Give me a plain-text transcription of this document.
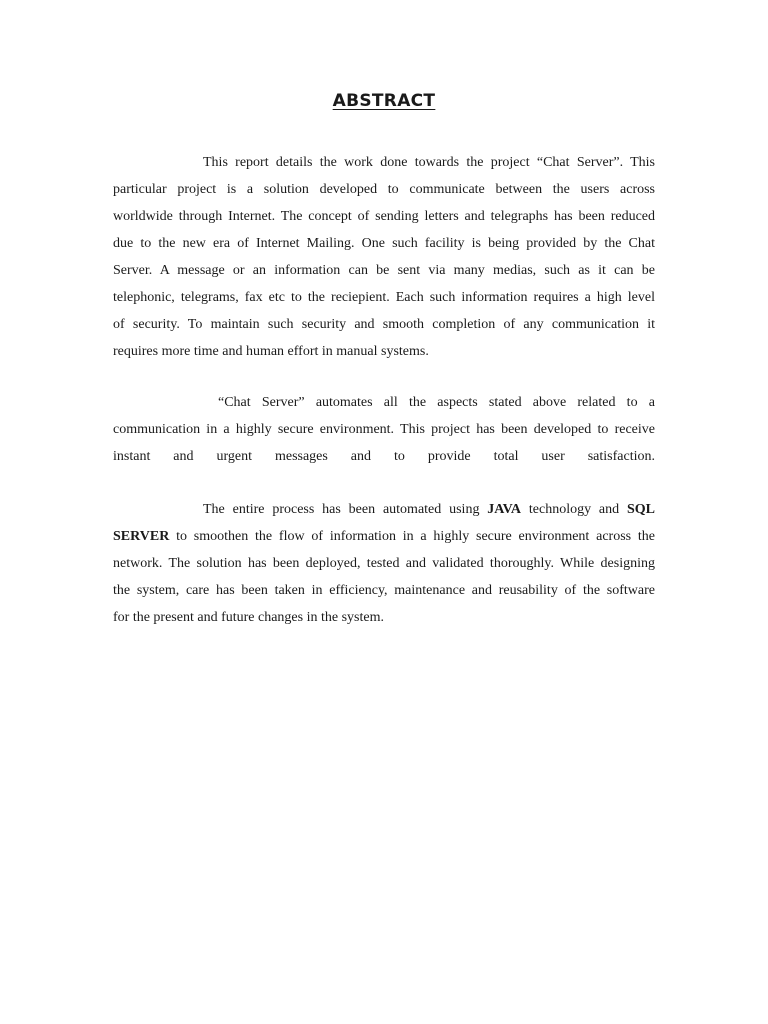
ABSTRACT
This report details the work done towards the project “Chat Server”. This
particular project is a solution developed to communicate between the users across
worldwide through Internet. The concept of sending letters and telegraphs has been reduced
due to the new era of Internet Mailing. One such facility is being provided by the Chat
Server. A message or an information can be sent via many medias, such as it can be
telephonic, telegrams, fax etc to the reciepient. Each such information requires a high level
of security. To maintain such security and smooth completion of any communication it
requires more time and human effort in manual systems.
“Chat Server” automates all the aspects stated above related to a
communication in a highly secure environment. This project has been developed to receive
instant and urgent messages and to provide total user satisfaction.
The entire process has been automated using JAVA technology and SQL
SERVER to smoothen the flow of information in a highly secure environment across the
network. The solution has been deployed, tested and validated thoroughly. While designing
the system, care has been taken in efficiency, maintenance and reusability of the software
for the present and future changes in the system.
